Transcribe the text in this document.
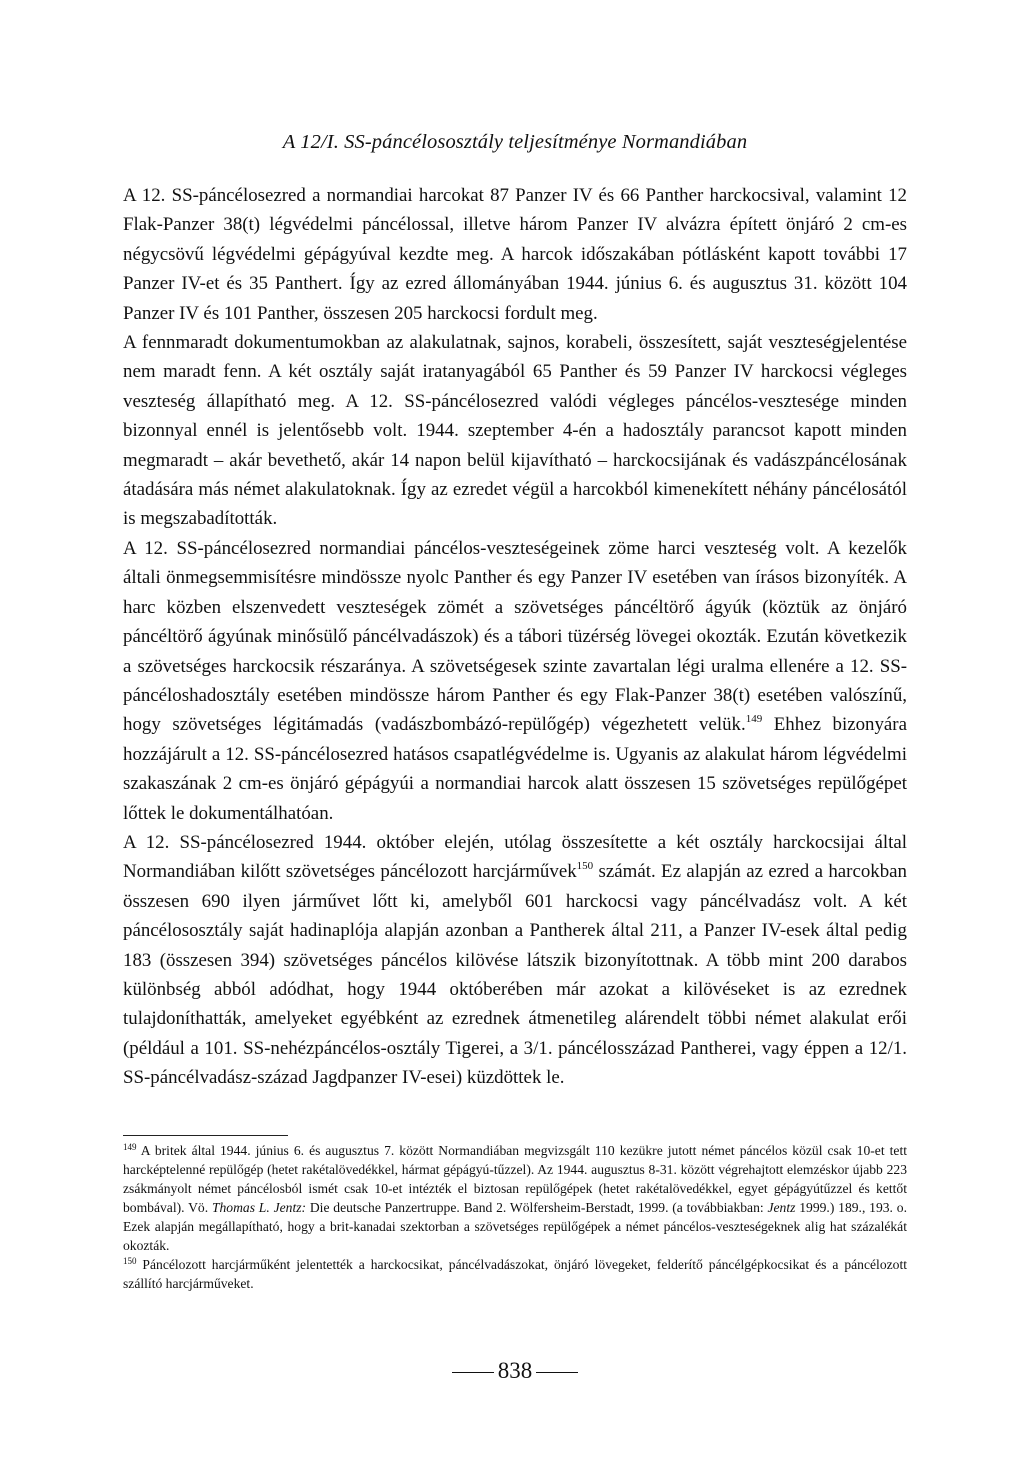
A 12/I. SS-páncélososztály teljesítménye Normandiában

A 12. SS-páncélosezred a normandiai harcokat 87 Panzer IV és 66 Panther harckocsival, valamint 12 Flak-Panzer 38(t) légvédelmi páncélossal, illetve három Panzer IV alvázra épített önjáró 2 cm-es négycsövű légvédelmi gépágyúval kezdte meg. A harcok időszakában pótlásként kapott további 17 Panzer IV-et és 35 Panthert. Így az ezred állományában 1944. június 6. és augusztus 31. között 104 Panzer IV és 101 Panther, összesen 205 harckocsi fordult meg.

A fennmaradt dokumentumokban az alakulatnak, sajnos, korabeli, összesített, saját veszteségjelentése nem maradt fenn. A két osztály saját iratanyagából 65 Panther és 59 Panzer IV harckocsi végleges veszteség állapítható meg. A 12. SS-páncélosezred valódi végleges páncélos-vesztesége minden bizonnyal ennél is jelentősebb volt. 1944. szeptember 4-én a hadosztály parancsot kapott minden megmaradt – akár bevethető, akár 14 napon belül kijavítható – harckocsijának és vadászpáncélosának átadására más német alakulatoknak. Így az ezredet végül a harcokból kimenekített néhány páncélosától is megszabadították.

A 12. SS-páncélosezred normandiai páncélos-veszteségeinek zöme harci veszteség volt. A kezelők általi önmegsemmisítésre mindössze nyolc Panther és egy Panzer IV esetében van írásos bizonyíték. A harc közben elszenvedett veszteségek zömét a szövetséges páncéltörő ágyúk (köztük az önjáró páncéltörő ágyúnak minősülő páncélvadászok) és a tábori tüzérség lövegei okozták. Ezután következik a szövetséges harckocsik részaránya. A szövetségesek szinte zavartalan légi uralma ellenére a 12. SS-páncéloshadosztály esetében mindössze három Panther és egy Flak-Panzer 38(t) esetében valószínű, hogy szövetséges légitámadás (vadászbombázó-repülőgép) végezhetett velük.$^{149}$ Ehhez bizonyára hozzájárult a 12. SS-páncélosezred hatásos csapatlégvédelme is. Ugyanis az alakulat három légvédelmi szakaszának 2 cm-es önjáró gépágyúi a normandiai harcok alatt összesen 15 szövetséges repülőgépet lőttek le dokumentálhatóan.

A 12. SS-páncélosezred 1944. október elején, utólag összesítette a két osztály harckocsijai által Normandiában kilőtt szövetséges páncélozott harcjárművek$^{150}$ számát. Ez alapján az ezred a harcokban összesen 690 ilyen járművet lőtt ki, amelyből 601 harckocsi vagy páncélvadász volt. A két páncélososztály saját hadinaplója alapján azonban a Pantherek által 211, a Panzer IV-esek által pedig 183 (összesen 394) szövetséges páncélos kilövése látszik bizonyítottnak. A több mint 200 darabos különbség abból adódhat, hogy 1944 októberében már azokat a kilövéseket is az ezrednek tulajdoníthatták, amelyeket egyébként az ezrednek átmenetileg alárendelt többi német alakulat erői (például a 101. SS-nehézpáncélos-osztály Tigerei, a 3/1. páncélosszázad Pantherei, vagy éppen a 12/1. SS-páncélvadász-század Jagdpanzer IV-esei) küzdöttek le.

$^{149}$ A britek által 1944. június 6. és augusztus 7. között Normandiában megvizsgált 110 kezükre jutott német páncélos közül csak 10-et tett harcképtelenné repülőgép (hetet rakétalövedékkel, hármat gépágyú-tűzzel). Az 1944. augusztus 8-31. között végrehajtott elemzéskor újabb 223 zsákmányolt német páncélosból ismét csak 10-et intézték el biztosan repülőgépek (hetet rakétalövedékkel, egyet gépágyútűzzel és kettőt bombával). Vö. Thomas L. Jentz: Die deutsche Panzertruppe. Band 2. Wölfersheim-Berstadt, 1999. (a továbbiakban: Jentz 1999.) 189., 193. o. Ezek alapján megállapítható, hogy a brit-kanadai szektorban a szövetséges repülőgépek a német páncélos-veszteségeknek alig hat százalékát okozták.

$^{150}$ Páncélozott harcjárműként jelentették a harckocsikat, páncélvadászokat, önjáró lövegeket, felderítő páncélgépkocsikat és a páncélozott szállító harcjárműveket.

838
